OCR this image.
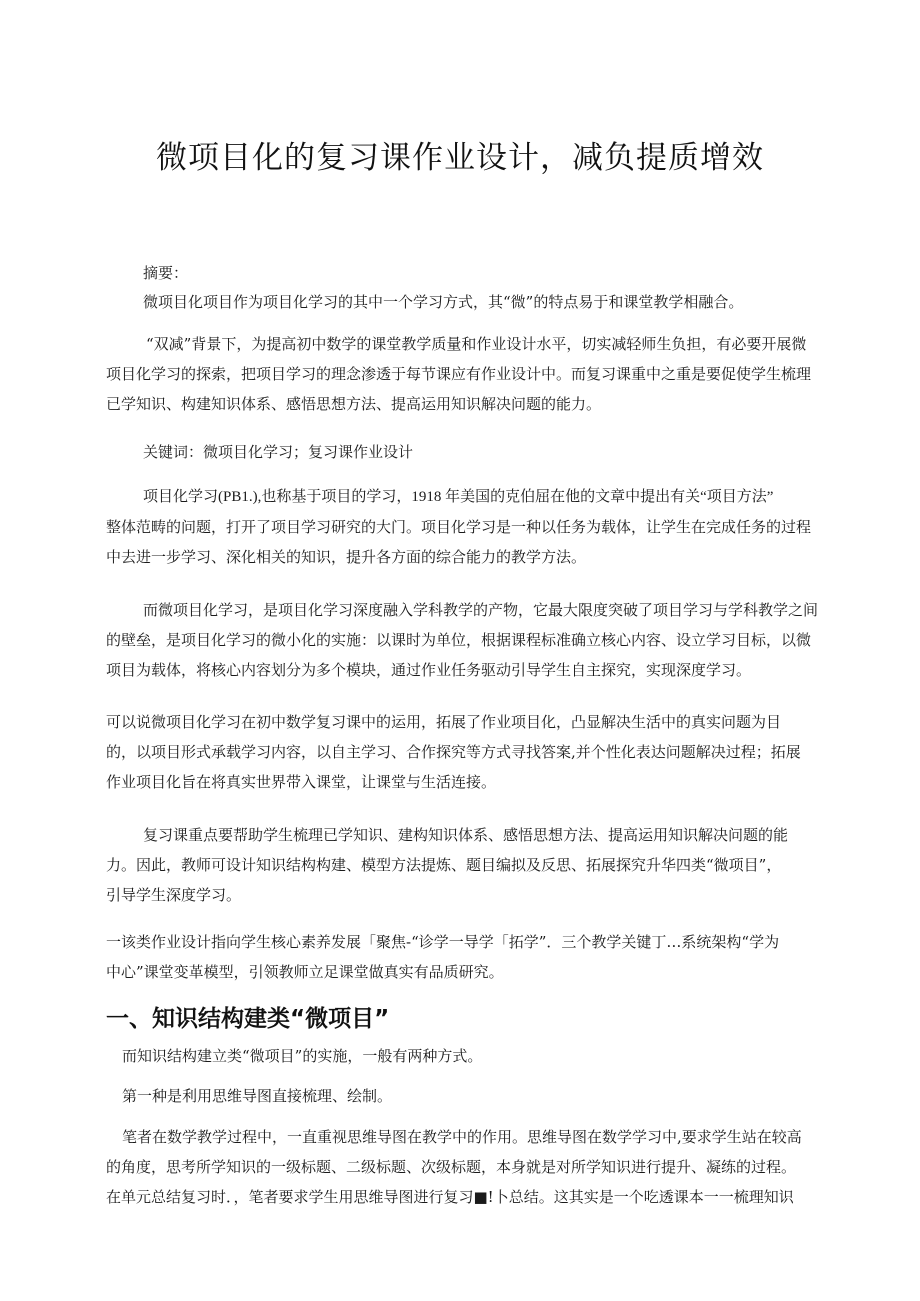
微项目化的复习课作业设计，减负提质增效

摘要：

微项目化项目作为项目化学习的其中一个学习方式，其“微”的特点易于和课堂教学相融合。

“双减”背景下，为提高初中数学的课堂教学质量和作业设计水平，切实减轻师生负担，有必要开展微
项目化学习的探索，把项目学习的理念渗透于每节课应有作业设计中。而复习课重中之重是要促使学生梳理
已学知识、构建知识体系、感悟思想方法、提高运用知识解决问题的能力。

关键词：微项目化学习；复习课作业设计

项目化学习(PB1.),也称基于项目的学习，1918 年美国的克伯屈在他的文章中提出有关“项目方法”
整体范畴的问题，打开了项目学习研究的大门。项目化学习是一种以任务为载体，让学生在完成任务的过程
中去进一步学习、深化相关的知识，提升各方面的综合能力的教学方法。
而微项目化学习，是项目化学习深度融入学科教学的产物，它最大限度突破了项目学习与学科教学之间
的壁垒，是项目化学习的微小化的实施：以课时为单位，根据课程标准确立核心内容、设立学习目标，以微
项目为载体，将核心内容划分为多个模块，通过作业任务驱动引导学生自主探究，实现深度学习。
可以说微项目化学习在初中数学复习课中的运用，拓展了作业项目化，凸显解决生活中的真实问题为目
的，以项目形式承载学习内容，以自主学习、合作探究等方式寻找答案,并个性化表达问题解决过程；拓展
作业项目化旨在将真实世界带入课堂，让课堂与生活连接。
复习课重点要帮助学生梳理已学知识、建构知识体系、感悟思想方法、提高运用知识解决问题的能
力。因此，教师可设计知识结构构建、模型方法提炼、题目编拟及反思、拓展探究升华四类“微项目”，
引导学生深度学习。
一该类作业设计指向学生核心素养发展「聚焦-“诊学一导学「拓学”．三个教学关键丁…系统架构“学为
中心”课堂变革模型，引领教师立足课堂做真实有品质研究。
一、知识结构建类“微项目”

而知识结构建立类“微项目”的实施，一般有两种方式。

第一种是利用思维导图直接梳理、绘制。

笔者在数学教学过程中，一直重视思维导图在教学中的作用。思维导图在数学学习中,要求学生站在较高
的角度，思考所学知识的一级标题、二级标题、次级标题，本身就是对所学知识进行提升、凝练的过程。
在单元总结复习时．，笔者要求学生用思维导图进行复习■!卜总结。这其实是一个吃透课本一一梳理知识
